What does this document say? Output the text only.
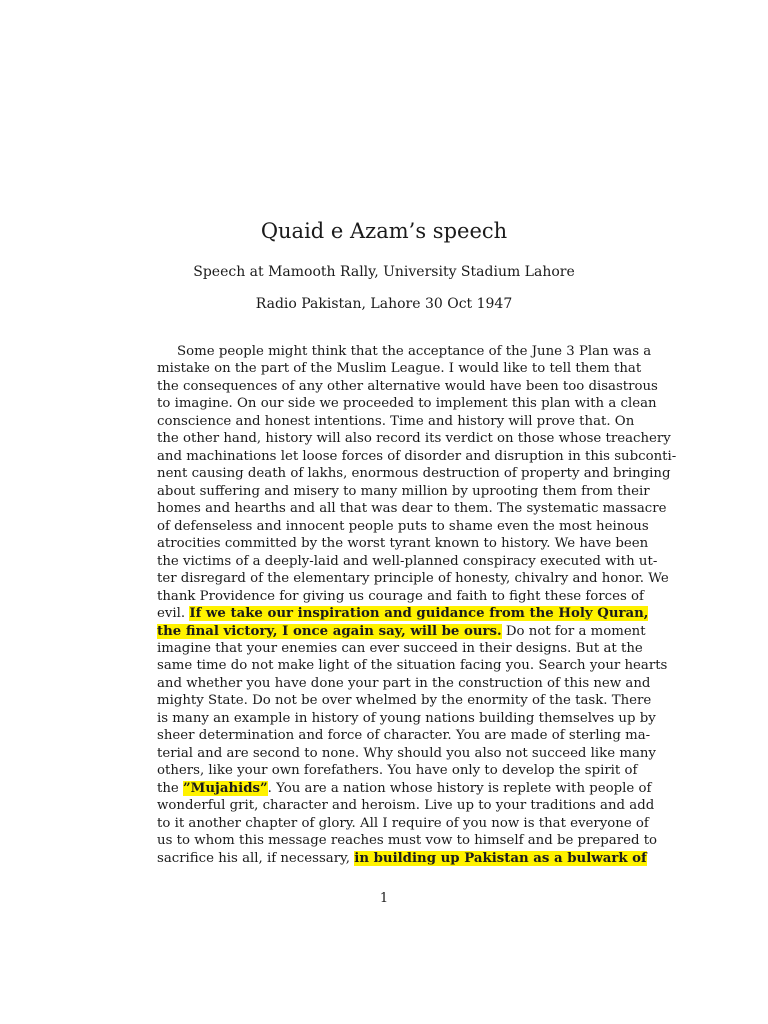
Quaid e Azam’s speech
Speech at Mamooth Rally, University Stadium Lahore
Radio Pakistan, Lahore 30 Oct 1947
Some people might think that the acceptance of the June 3 Plan was a
mistake on the part of the Muslim League. I would like to tell them that
the consequences of any other alternative would have been too disastrous
to imagine. On our side we proceeded to implement this plan with a clean
conscience and honest intentions. Time and history will prove that. On
the other hand, history will also record its verdict on those whose treachery
and machinations let loose forces of disorder and disruption in this subconti-
nent causing death of lakhs, enormous destruction of property and bringing
about suffering and misery to many million by uprooting them from their
homes and hearths and all that was dear to them. The systematic massacre
of defenseless and innocent people puts to shame even the most heinous
atrocities committed by the worst tyrant known to history. We have been
the victims of a deeply-laid and well-planned conspiracy executed with ut-
ter disregard of the elementary principle of honesty, chivalry and honor. We
thank Providence for giving us courage and faith to fight these forces of
evil. If we take our inspiration and guidance from the Holy Quran,
the final victory, I once again say, will be ours. Do not for a moment
imagine that your enemies can ever succeed in their designs. But at the
same time do not make light of the situation facing you. Search your hearts
and whether you have done your part in the construction of this new and
mighty State. Do not be over whelmed by the enormity of the task. There
is many an example in history of young nations building themselves up by
sheer determination and force of character. You are made of sterling ma-
terial and are second to none. Why should you also not succeed like many
others, like your own forefathers. You have only to develop the spirit of
the ”Mujahids”. You are a nation whose history is replete with people of
wonderful grit, character and heroism. Live up to your traditions and add
to it another chapter of glory. All I require of you now is that everyone of
us to whom this message reaches must vow to himself and be prepared to
sacrifice his all, if necessary, in building up Pakistan as a bulwark of
1
